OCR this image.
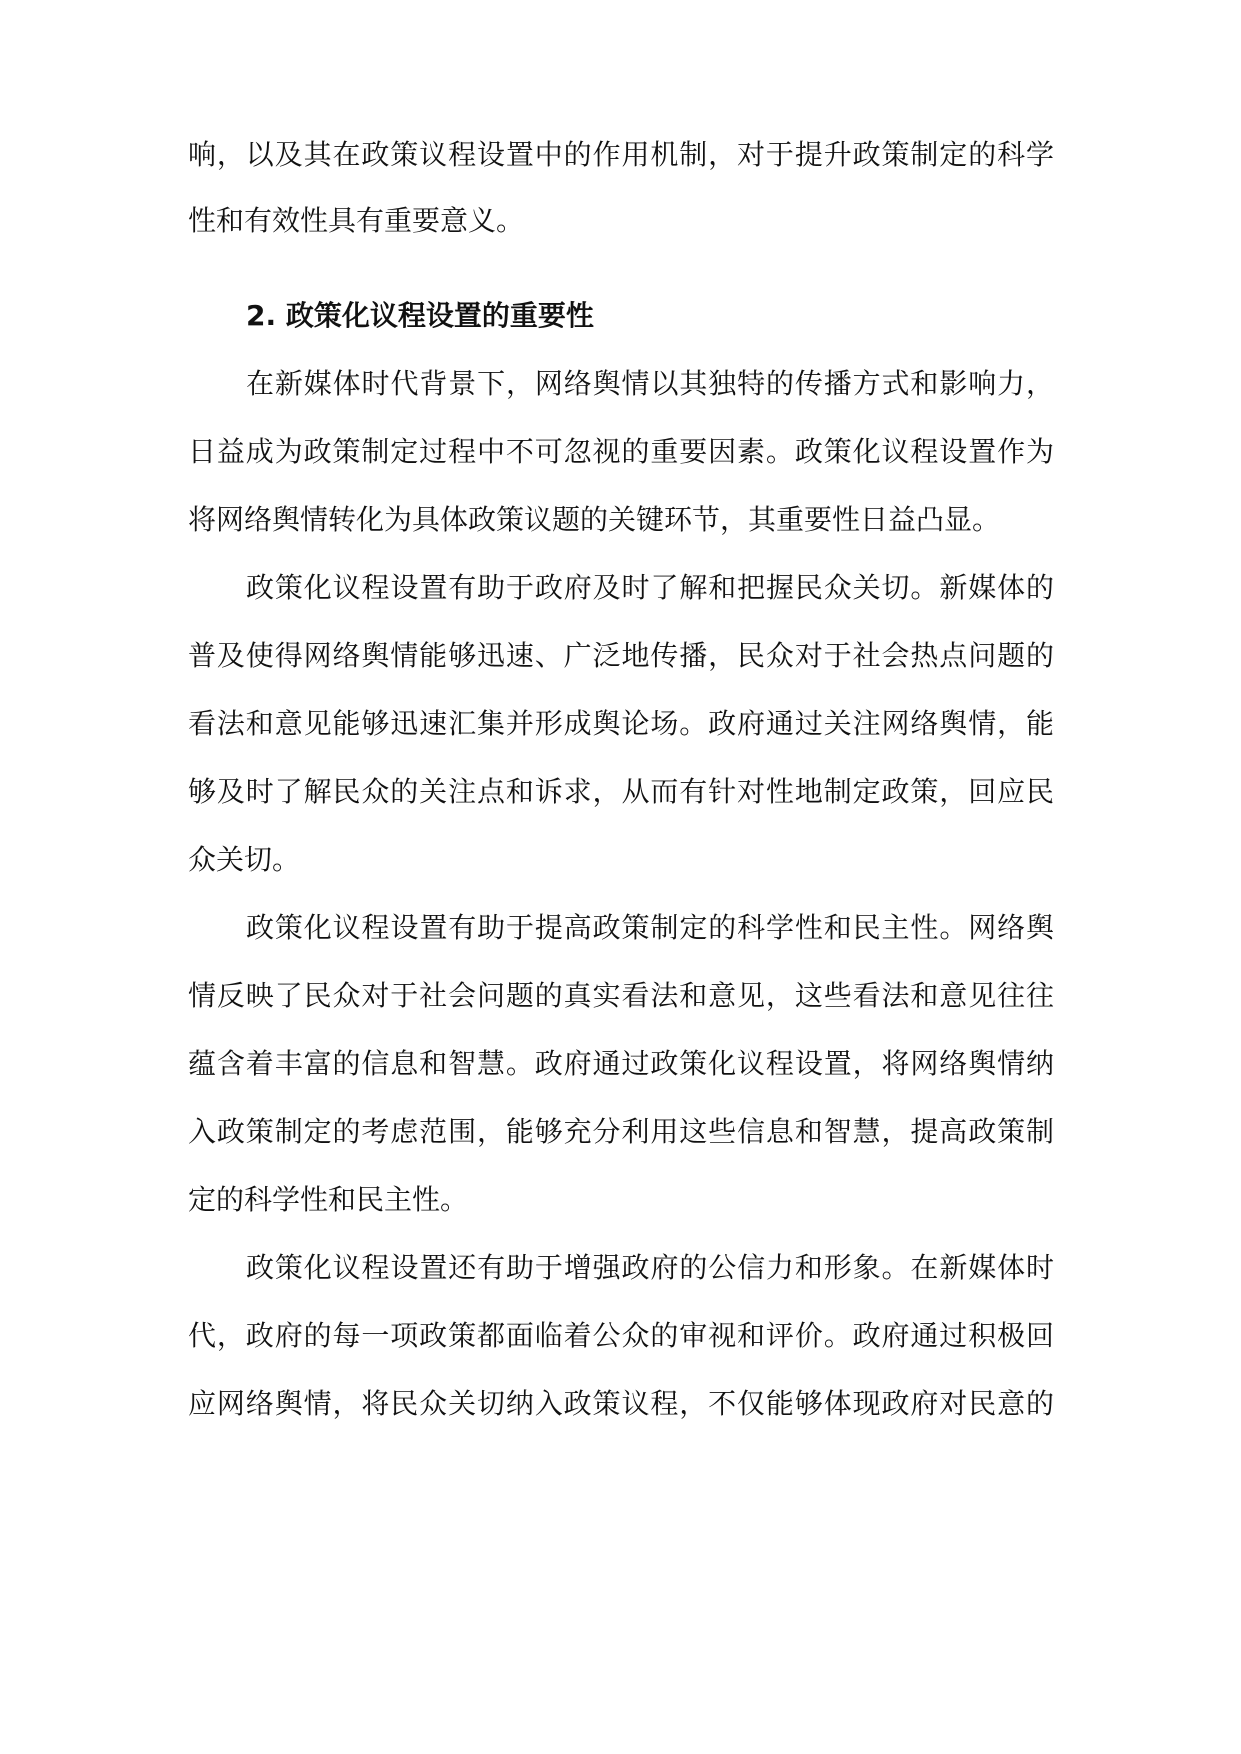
响，以及其在政策议程设置中的作用机制，对于提升政策制定的科学
性和有效性具有重要意义。
2. 政策化议程设置的重要性
在新媒体时代背景下，网络舆情以其独特的传播方式和影响力，
日益成为政策制定过程中不可忽视的重要因素。政策化议程设置作为
将网络舆情转化为具体政策议题的关键环节，其重要性日益凸显。
政策化议程设置有助于政府及时了解和把握民众关切。新媒体的
普及使得网络舆情能够迅速、广泛地传播，民众对于社会热点问题的
看法和意见能够迅速汇集并形成舆论场。政府通过关注网络舆情，能
够及时了解民众的关注点和诉求，从而有针对性地制定政策，回应民
众关切。
政策化议程设置有助于提高政策制定的科学性和民主性。网络舆
情反映了民众对于社会问题的真实看法和意见，这些看法和意见往往
蕴含着丰富的信息和智慧。政府通过政策化议程设置，将网络舆情纳
入政策制定的考虑范围，能够充分利用这些信息和智慧，提高政策制
定的科学性和民主性。
政策化议程设置还有助于增强政府的公信力和形象。在新媒体时
代，政府的每一项政策都面临着公众的审视和评价。政府通过积极回
应网络舆情，将民众关切纳入政策议程，不仅能够体现政府对民意的
